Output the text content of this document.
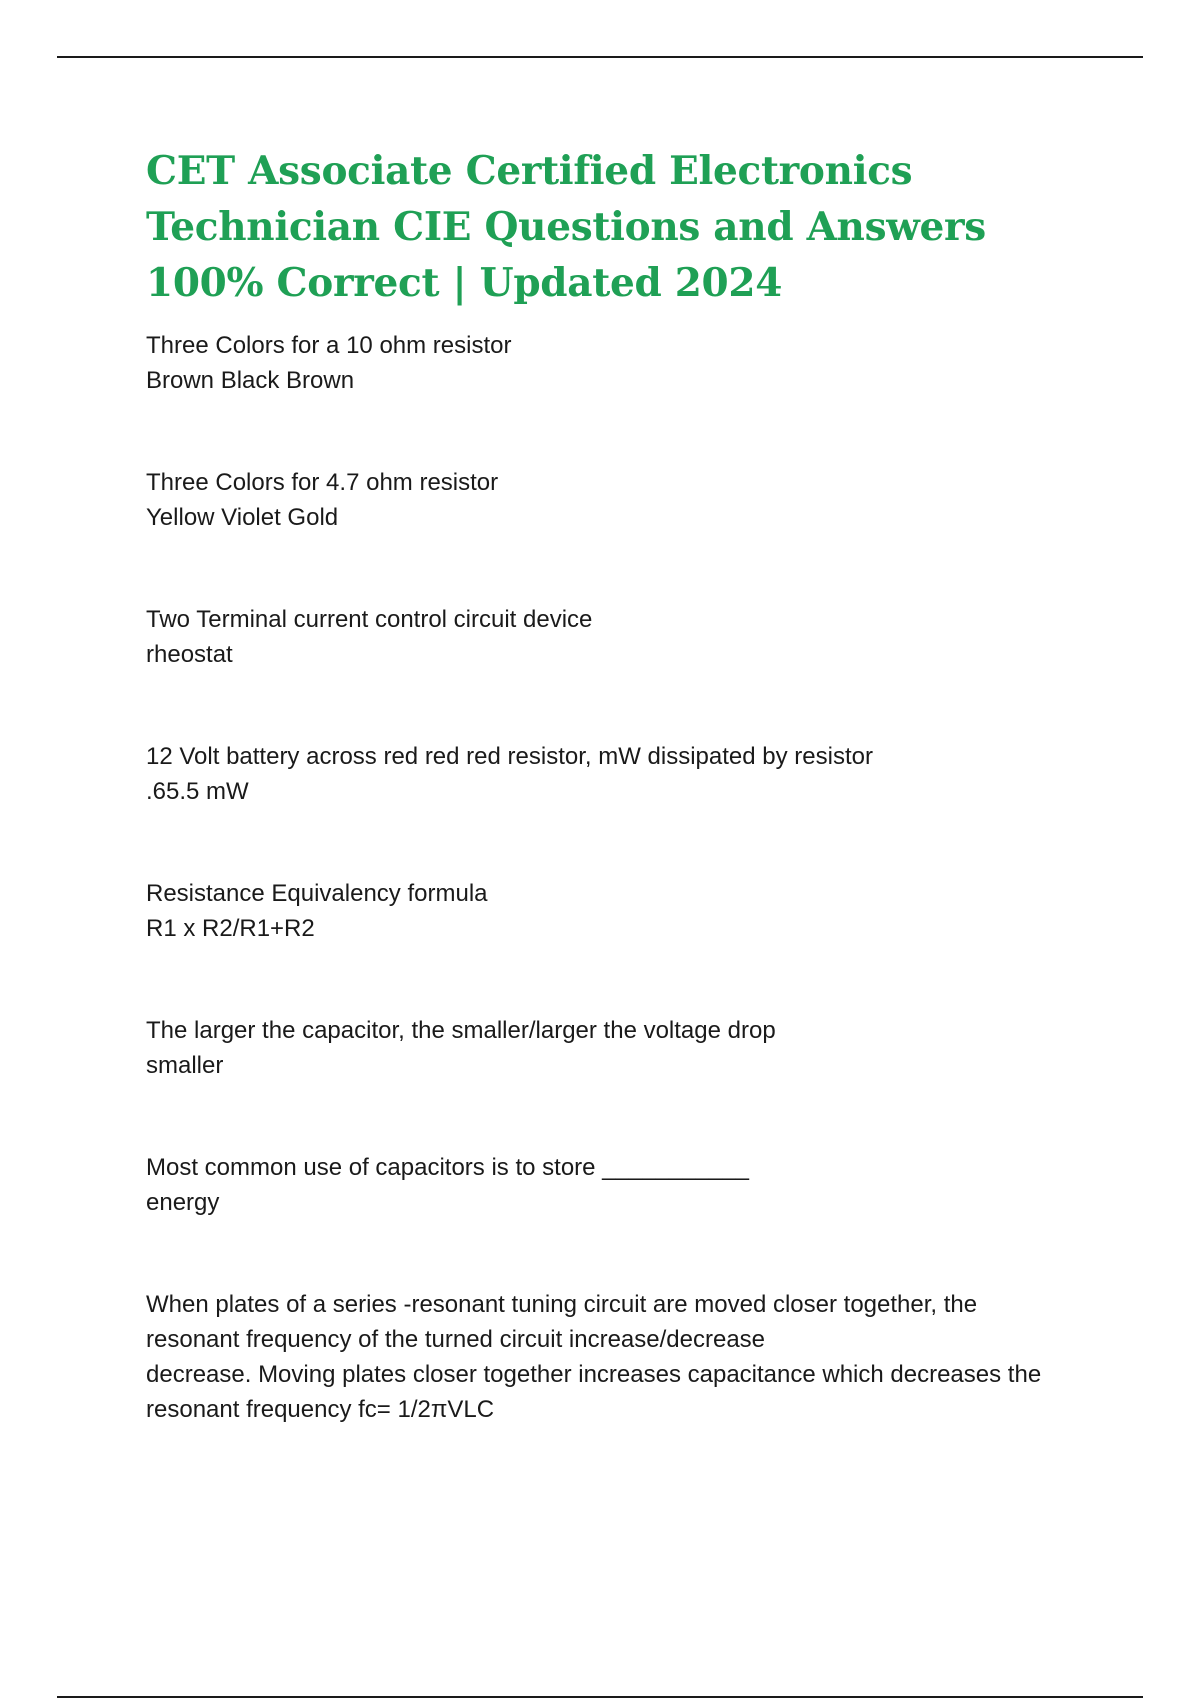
CET Associate Certified Electronics Technician CIE Questions and Answers 100% Correct | Updated 2024

Three Colors for a 10 ohm resistor

Brown Black Brown

Three Colors for 4.7 ohm resistor

Yellow Violet Gold

Two Terminal current control circuit device

rheostat

12 Volt battery across red red red resistor, mW dissipated by resistor

.65.5 mW

Resistance Equivalency formula

R1 x R2/R1+R2

The larger the capacitor, the smaller/larger the voltage drop

smaller

Most common use of capacitors is to store ___________

energy

When plates of a series -resonant tuning circuit are moved closer together, the resonant frequency of the turned circuit increase/decrease

decrease. Moving plates closer together increases capacitance which decreases the resonant frequency fc= 1/2πVLC
